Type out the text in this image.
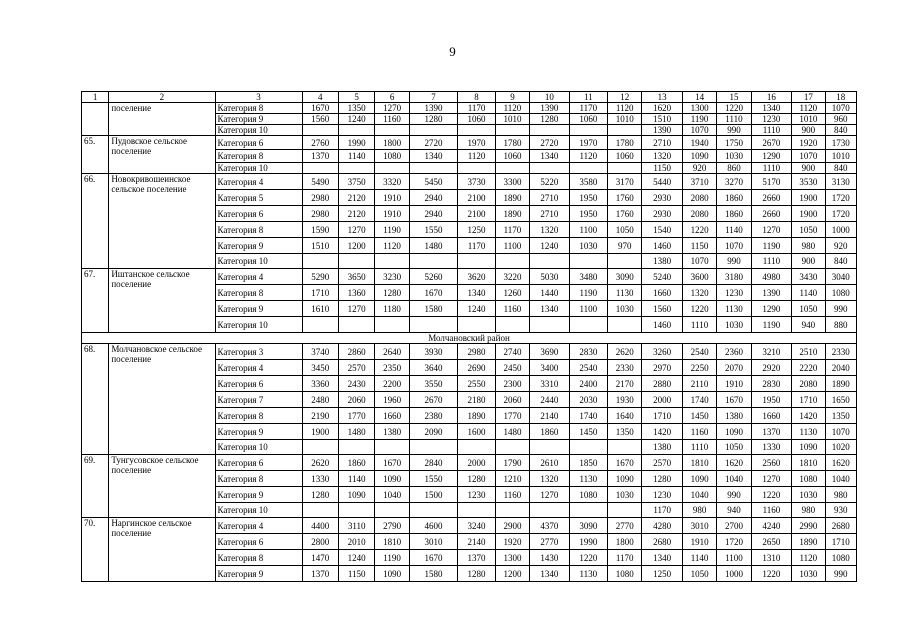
9
1	2	3	4	5	6	7	8	9	10	11	12	13	14	15	16	17	18
	поселение	Категория 8	1670	1350	1270	1390	1170	1120	1390	1170	1120	1620	1300	1220	1340	1120	1070
		Категория 9	1560	1240	1160	1280	1060	1010	1280	1060	1010	1510	1190	1110	1230	1010	960
		Категория 10										1390	1070	990	1110	900	840
65.	Пудовское сельское поселение	Категория 6	2760	1990	1800	2720	1970	1780	2720	1970	1780	2710	1940	1750	2670	1920	1730
		Категория 8	1370	1140	1080	1340	1120	1060	1340	1120	1060	1320	1090	1030	1290	1070	1010
		Категория 10										1150	920	860	1110	900	840
66.	Новокривошеинское сельское поселение	Категория 4	5490	3750	3320	5450	3730	3300	5220	3580	3170	5440	3710	3270	5170	3530	3130
		Категория 5	2980	2120	1910	2940	2100	1890	2710	1950	1760	2930	2080	1860	2660	1900	1720
		Категория 6	2980	2120	1910	2940	2100	1890	2710	1950	1760	2930	2080	1860	2660	1900	1720
		Категория 8	1590	1270	1190	1550	1250	1170	1320	1100	1050	1540	1220	1140	1270	1050	1000
		Категория 9	1510	1200	1120	1480	1170	1100	1240	1030	970	1460	1150	1070	1190	980	920
		Категория 10										1380	1070	990	1110	900	840
67.	Иштанское сельское поселение	Категория 4	5290	3650	3230	5260	3620	3220	5030	3480	3090	5240	3600	3180	4980	3430	3040
		Категория 8	1710	1360	1280	1670	1340	1260	1440	1190	1130	1660	1320	1230	1390	1140	1080
		Категория 9	1610	1270	1180	1580	1240	1160	1340	1100	1030	1560	1220	1130	1290	1050	990
		Категория 10										1460	1110	1030	1190	940	880
Молчановский район																	
68.	Молчановское сельское поселение	Категория 3	3740	2860	2640	3930	2980	2740	3690	2830	2620	3260	2540	2360	3210	2510	2330
		Категория 4	3450	2570	2350	3640	2690	2450	3400	2540	2330	2970	2250	2070	2920	2220	2040
		Категория 6	3360	2430	2200	3550	2550	2300	3310	2400	2170	2880	2110	1910	2830	2080	1890
		Категория 7	2480	2060	1960	2670	2180	2060	2440	2030	1930	2000	1740	1670	1950	1710	1650
		Категория 8	2190	1770	1660	2380	1890	1770	2140	1740	1640	1710	1450	1380	1660	1420	1350
		Категория 9	1900	1480	1380	2090	1600	1480	1860	1450	1350	1420	1160	1090	1370	1130	1070
		Категория 10										1380	1110	1050	1330	1090	1020
69.	Тунгусовское сельское поселение	Категория 6	2620	1860	1670	2840	2000	1790	2610	1850	1670	2570	1810	1620	2560	1810	1620
		Категория 8	1330	1140	1090	1550	1280	1210	1320	1130	1090	1280	1090	1040	1270	1080	1040
		Категория 9	1280	1090	1040	1500	1230	1160	1270	1080	1030	1230	1040	990	1220	1030	980
		Категория 10										1170	980	940	1160	980	930
70.	Наргинское сельское поселение	Категория 4	4400	3110	2790	4600	3240	2900	4370	3090	2770	4280	3010	2700	4240	2990	2680
		Категория 6	2800	2010	1810	3010	2140	1920	2770	1990	1800	2680	1910	1720	2650	1890	1710
		Категория 8	1470	1240	1190	1670	1370	1300	1430	1220	1170	1340	1140	1100	1310	1120	1080
		Категория 9	1370	1150	1090	1580	1280	1200	1340	1130	1080	1250	1050	1000	1220	1030	990
